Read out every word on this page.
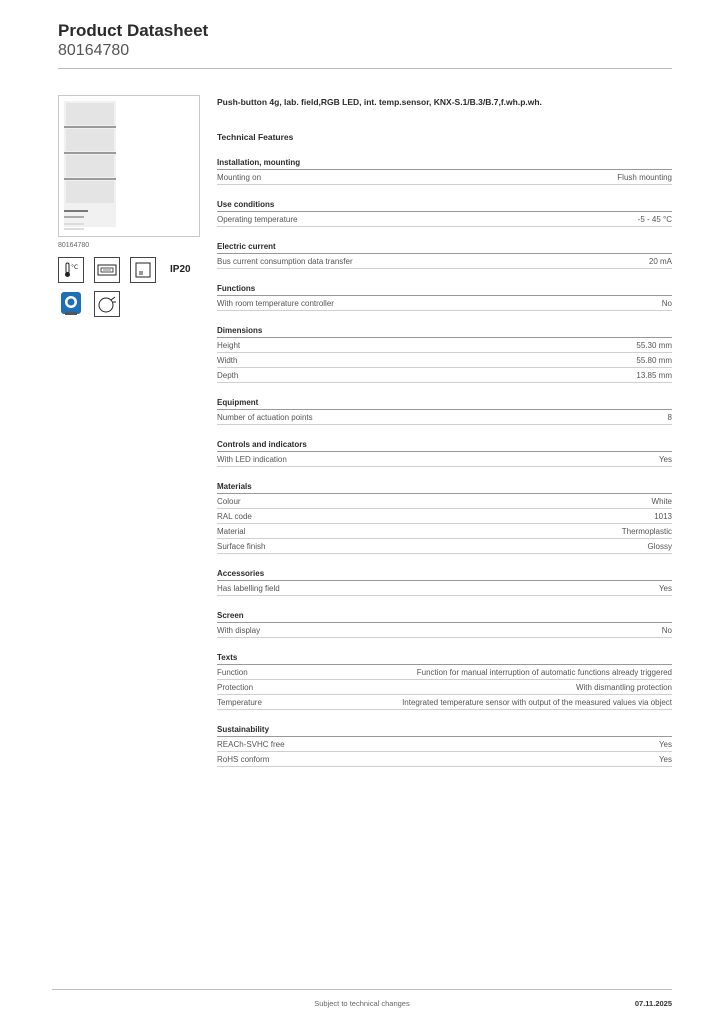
Product Datasheet
80164780
80164780
°C	IP20
Push-button 4g, lab. field,RGB LED, int. temp.sensor, KNX-S.1/B.3/B.7,f.wh.p.wh.
Technical Features
Installation, mounting
Mounting on	Flush mounting
Use conditions
Operating temperature	-5 - 45 °C
Electric current
Bus current consumption data transfer	20 mA
Functions
With room temperature controller	No
Dimensions
Height	55.30 mm
Width	55.80 mm
Depth	13.85 mm
Equipment
Number of actuation points	8
Controls and indicators
With LED indication	Yes
Materials
Colour	White
RAL code	1013
Material	Thermoplastic
Surface finish	Glossy
Accessories
Has labelling field	Yes
Screen
With display	No
Texts
Function	Function for manual interruption of automatic functions already triggered
Protection	With dismantling protection
Temperature	Integrated temperature sensor with output of the measured values via object
Sustainability
REACh-SVHC free	Yes
RoHS conform	Yes
Subject to technical changes	07.11.2025
